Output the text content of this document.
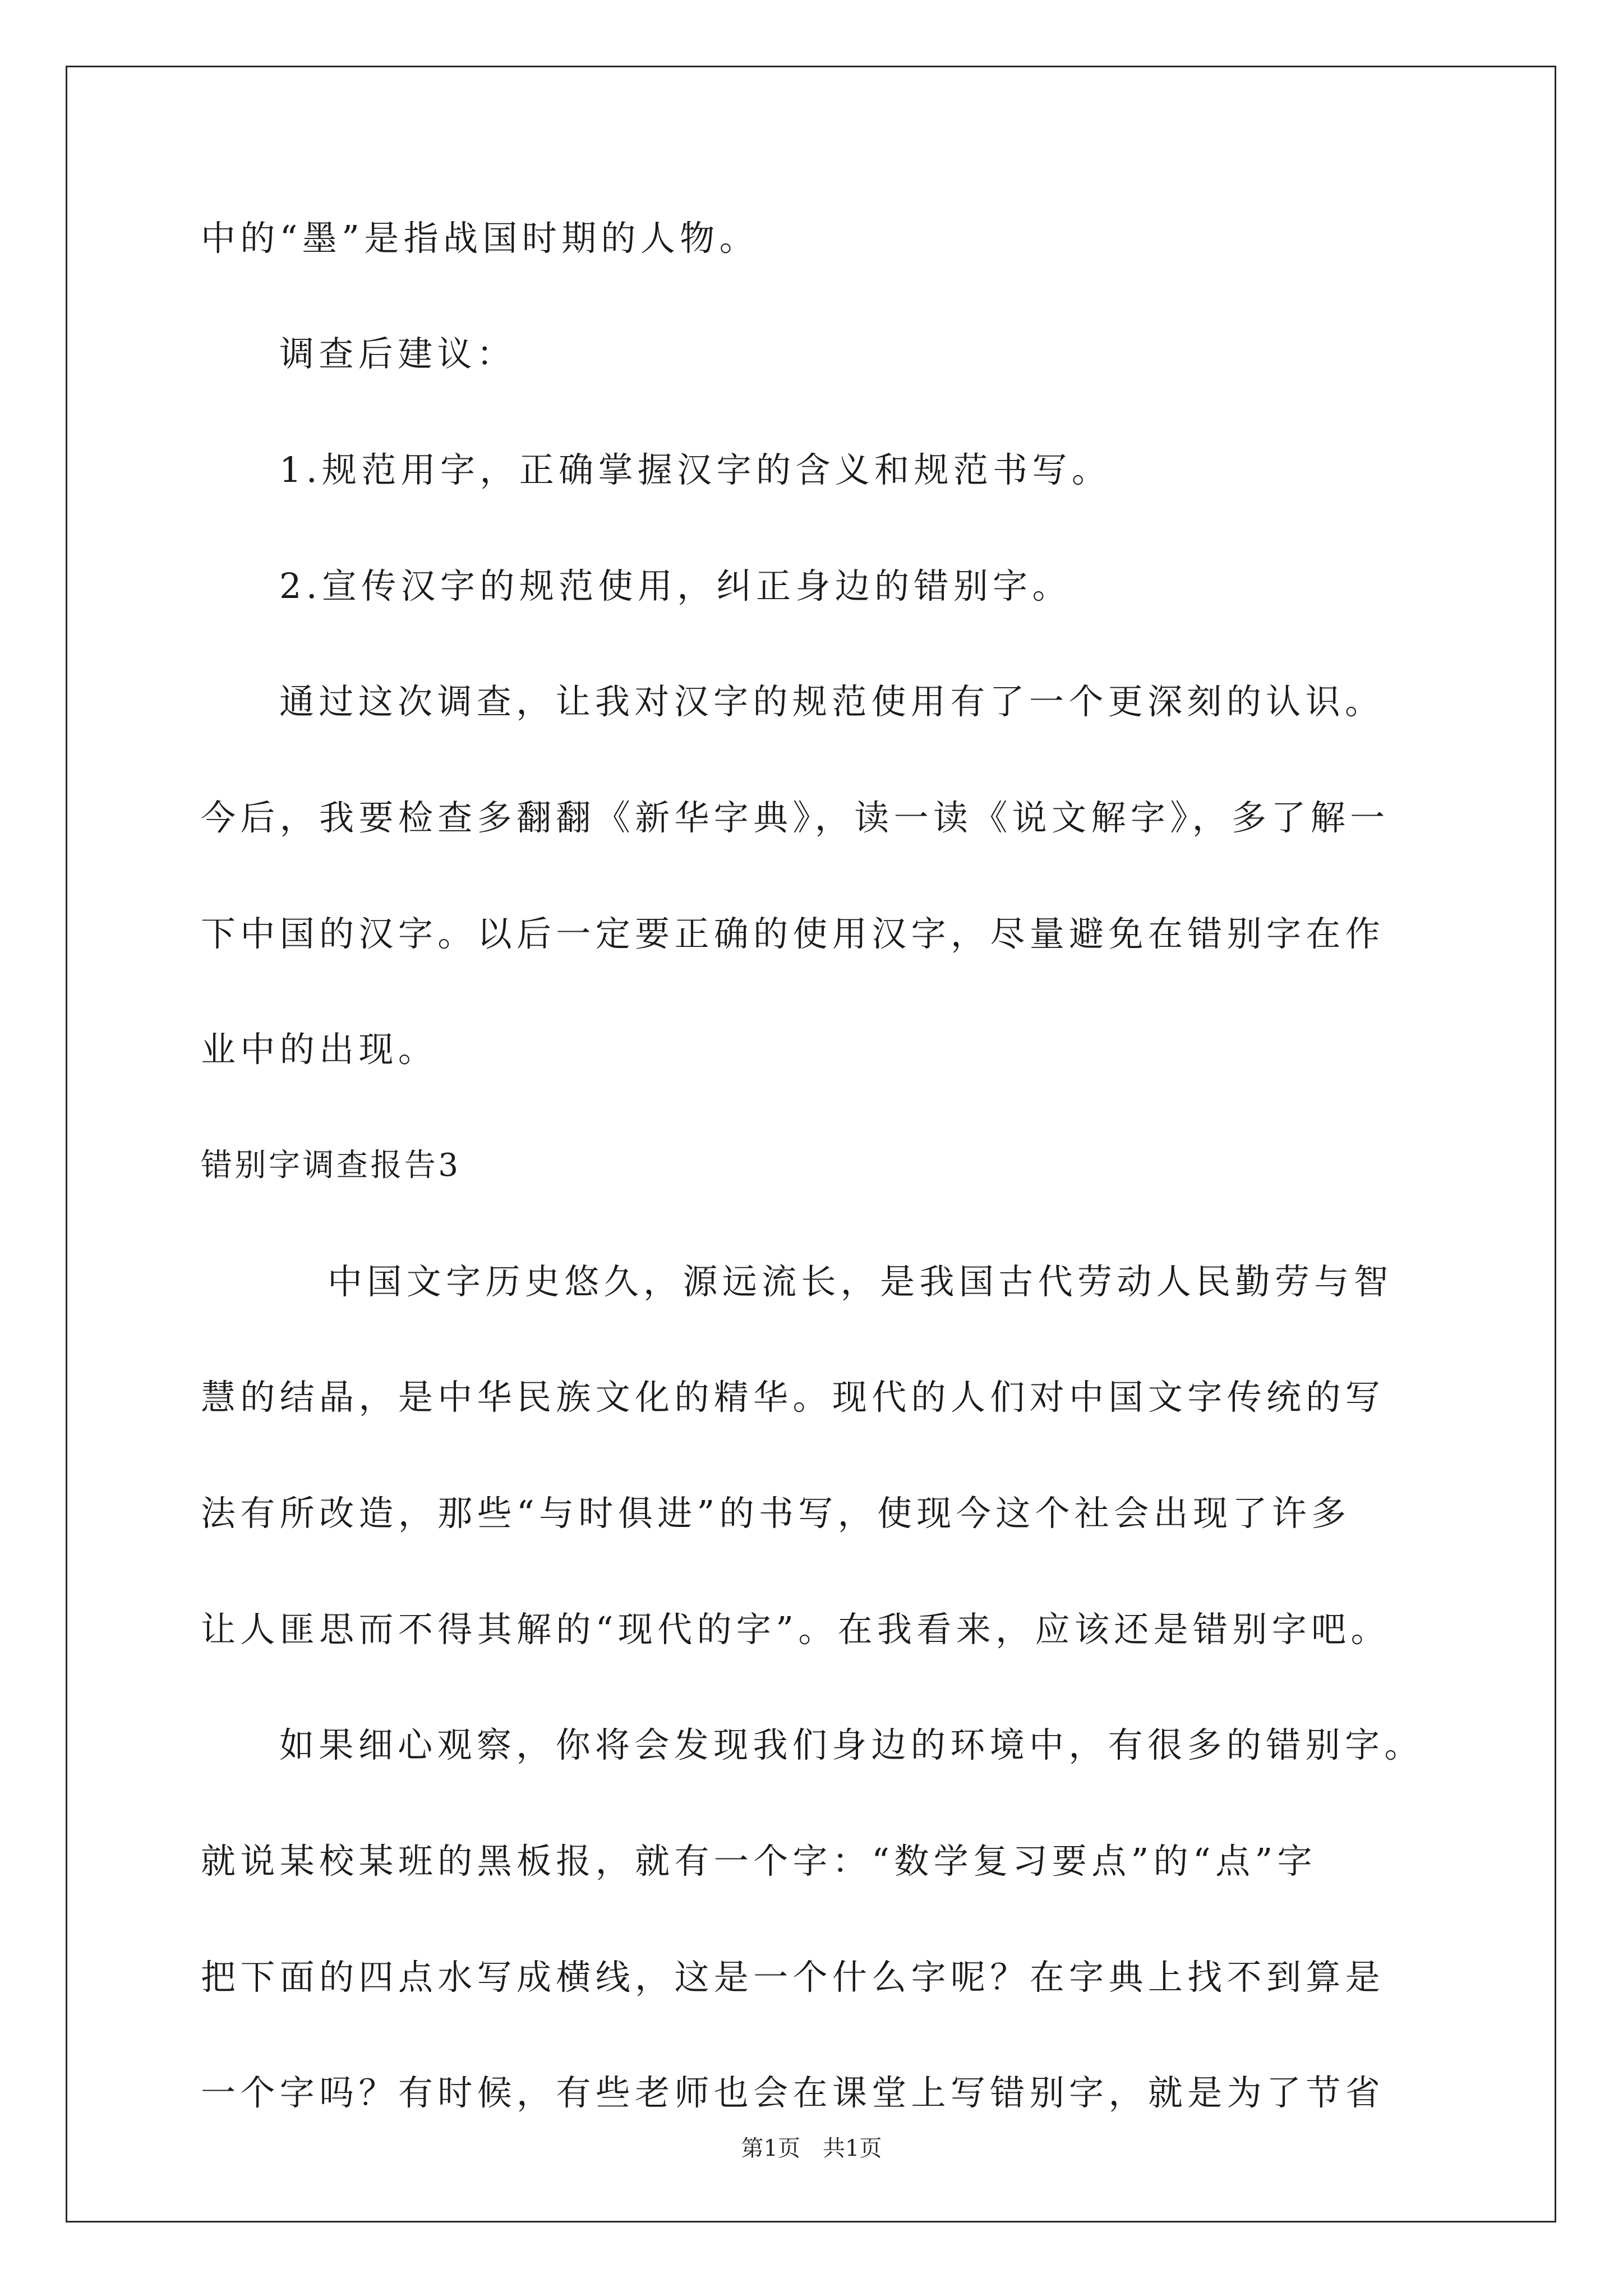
中的“墨”是指战国时期的人物。
调查后建议：
1.规范用字，正确掌握汉字的含义和规范书写。
2.宣传汉字的规范使用，纠正身边的错别字。
通过这次调查，让我对汉字的规范使用有了一个更深刻的认识。
今后，我要检查多翻翻《新华字典》，读一读《说文解字》，多了解一
下中国的汉字。以后一定要正确的使用汉字，尽量避免在错别字在作
业中的出现。
错别字调查报告3
中国文字历史悠久，源远流长，是我国古代劳动人民勤劳与智
慧的结晶，是中华民族文化的精华。现代的人们对中国文字传统的写
法有所改造，那些“与时俱进”的书写，使现今这个社会出现了许多
让人匪思而不得其解的“现代的字”。在我看来，应该还是错别字吧。
如果细心观察，你将会发现我们身边的环境中，有很多的错别字。
就说某校某班的黑板报，就有一个字：“数学复习要点”的“点”字
把下面的四点水写成横线，这是一个什么字呢？在字典上找不到算是
一个字吗？有时候，有些老师也会在课堂上写错别字，就是为了节省
第1页　共1页
